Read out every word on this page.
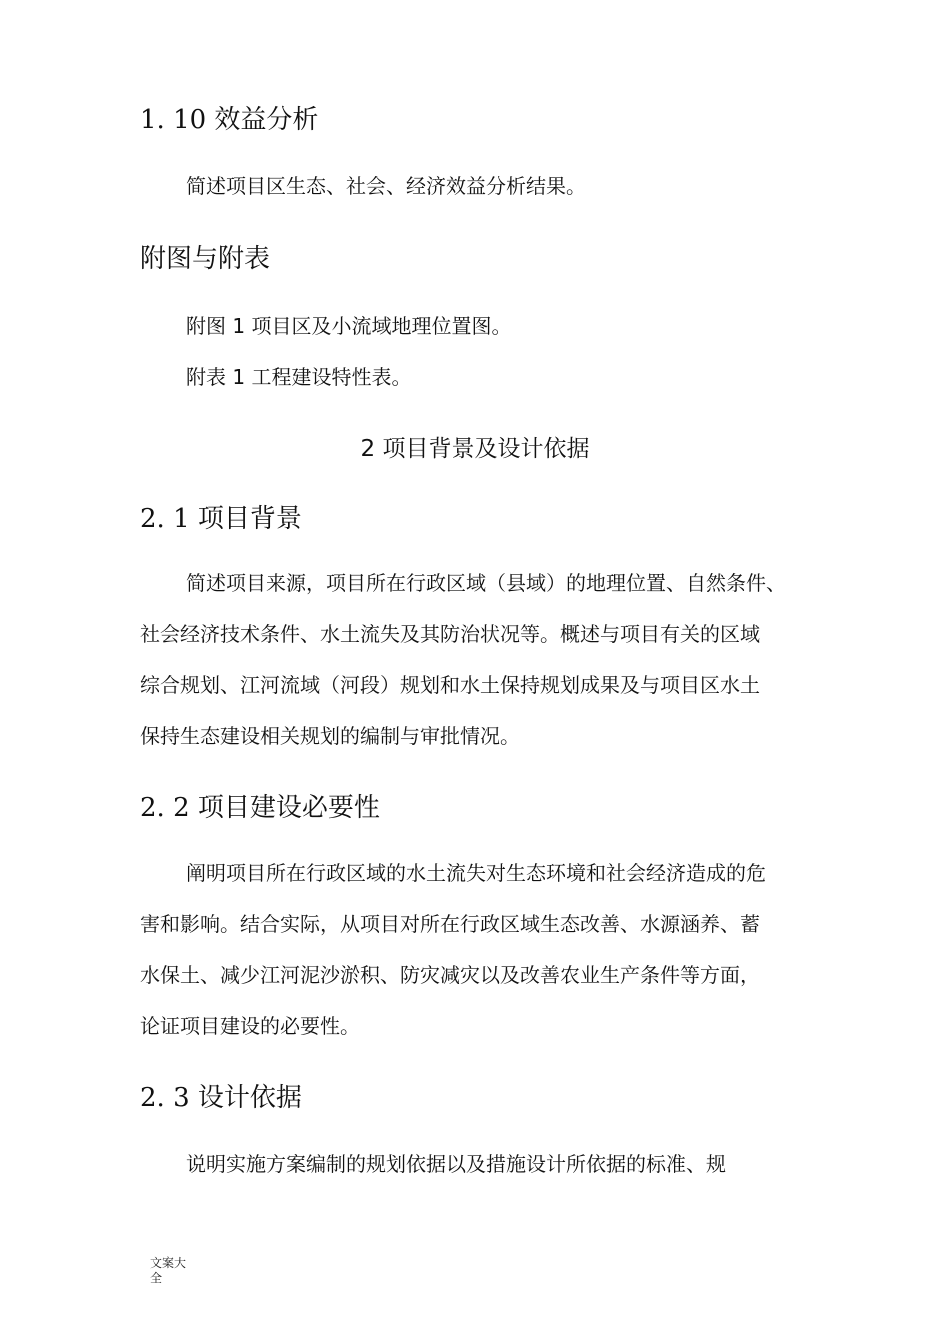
1. 10 效益分析
简述项目区生态、社会、经济效益分析结果。
附图与附表
附图 1 项目区及小流域地理位置图。
附表 1 工程建设特性表。
2 项目背景及设计依据
2. 1 项目背景
简述项目来源，项目所在行政区域（县域）的地理位置、自然条件、
社会经济技术条件、水土流失及其防治状况等。概述与项目有关的区域
综合规划、江河流域（河段）规划和水土保持规划成果及与项目区水土
保持生态建设相关规划的编制与审批情况。
2. 2 项目建设必要性
阐明项目所在行政区域的水土流失对生态环境和社会经济造成的危
害和影响。结合实际，从项目对所在行政区域生态改善、水源涵养、蓄
水保土、减少江河泥沙淤积、防灾减灾以及改善农业生产条件等方面，
论证项目建设的必要性。
2. 3 设计依据
说明实施方案编制的规划依据以及措施设计所依据的标准、规
文案大
全
